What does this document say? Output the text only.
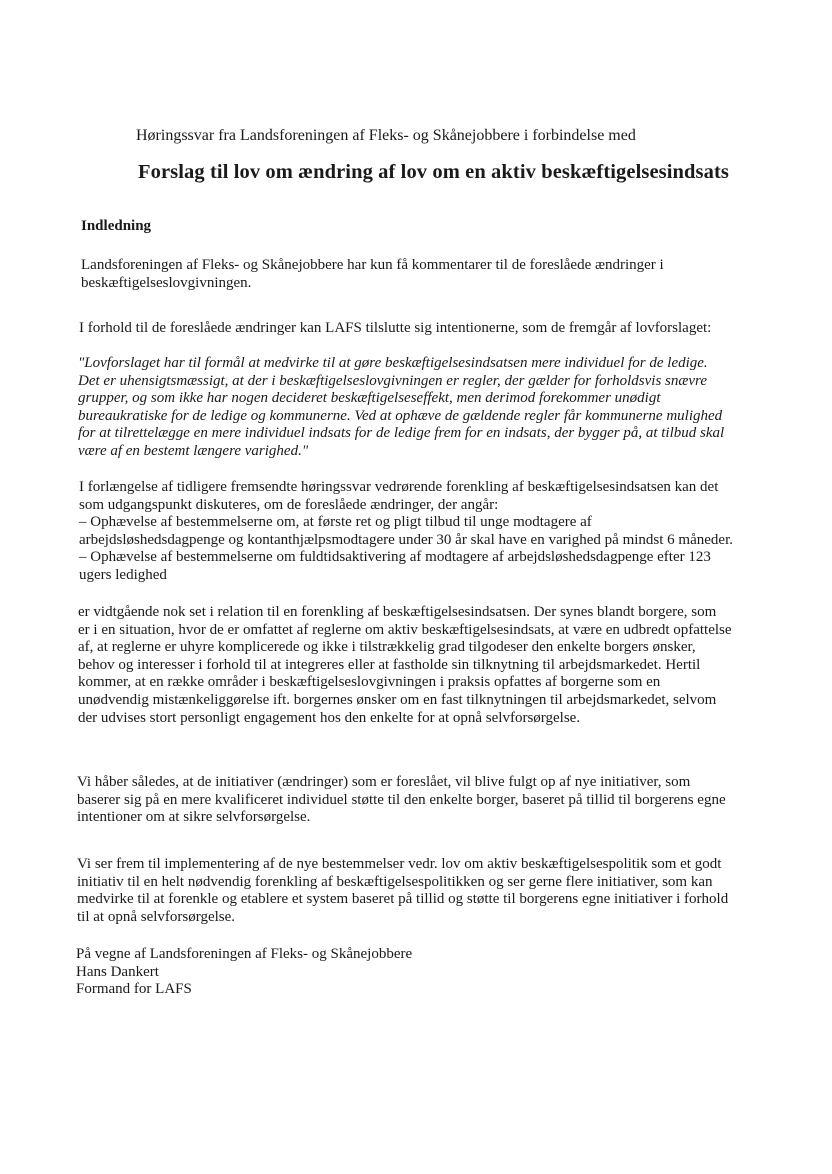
Høringssvar fra Landsforeningen af Fleks- og Skånejobbere i forbindelse med

Forslag til lov om ændring af lov om en aktiv beskæftigelsesindsats
Indledning
Landsforeningen af Fleks- og Skånejobbere har kun få kommentarer til de foreslåede ændringer i
beskæftigelseslovgivningen.
I forhold til de foreslåede ændringer kan LAFS tilslutte sig intentionerne, som de fremgår af lovforslaget:
"Lovforslaget har til formål at medvirke til at gøre beskæftigelsesindsatsen mere individuel for de ledige.
Det er uhensigtsmæssigt, at der i beskæftigelseslovgivningen er regler, der gælder for forholdsvis snævre
grupper, og som ikke har nogen decideret beskæftigelseseffekt, men derimod forekommer unødigt
bureaukratiske for de ledige og kommunerne. Ved at ophæve de gældende regler får kommunerne mulighed
for at tilrettelægge en mere individuel indsats for de ledige frem for en indsats, der bygger på, at tilbud skal
være af en bestemt længere varighed."
I forlængelse af tidligere fremsendte høringssvar vedrørende forenkling af beskæftigelsesindsatsen kan det
som udgangspunkt diskuteres, om de foreslåede ændringer, der angår:
– Ophævelse af bestemmelserne om, at første ret og pligt tilbud til unge modtagere af
arbejdsløshedsdagpenge og kontanthjælpsmodtagere under 30 år skal have en varighed på mindst 6 måneder.
– Ophævelse af bestemmelserne om fuldtidsaktivering af modtagere af arbejdsløshedsdagpenge efter 123
ugers ledighed
er vidtgående nok set i relation til en forenkling af beskæftigelsesindsatsen. Der synes blandt borgere, som
er i en situation, hvor de er omfattet af reglerne om aktiv beskæftigelsesindsats, at være en udbredt opfattelse
af, at reglerne er uhyre komplicerede og ikke i tilstrækkelig grad tilgodeser den enkelte borgers ønsker,
behov og interesser i forhold til at integreres eller at fastholde sin tilknytning til arbejdsmarkedet. Hertil
kommer, at en række områder i beskæftigelseslovgivningen i praksis opfattes af borgerne som en
unødvendig mistænkeliggørelse ift. borgernes ønsker om en fast tilknytningen til arbejdsmarkedet, selvom
der udvises stort personligt engagement hos den enkelte for at opnå selvforsørgelse.
Vi håber således, at de initiativer (ændringer) som er foreslået, vil blive fulgt op af nye initiativer, som
baserer sig på en mere kvalificeret individuel støtte til den enkelte borger, baseret på tillid til borgerens egne
intentioner om at sikre selvforsørgelse.
Vi ser frem til implementering af de nye bestemmelser vedr. lov om aktiv beskæftigelsespolitik som et godt
initiativ til en helt nødvendig forenkling af beskæftigelsespolitikken og ser gerne flere initiativer, som kan
medvirke til at forenkle og etablere et system baseret på tillid og støtte til borgerens egne initiativer i forhold
til at opnå selvforsørgelse.
På vegne af Landsforeningen af Fleks- og Skånejobbere
Hans Dankert
Formand for LAFS
